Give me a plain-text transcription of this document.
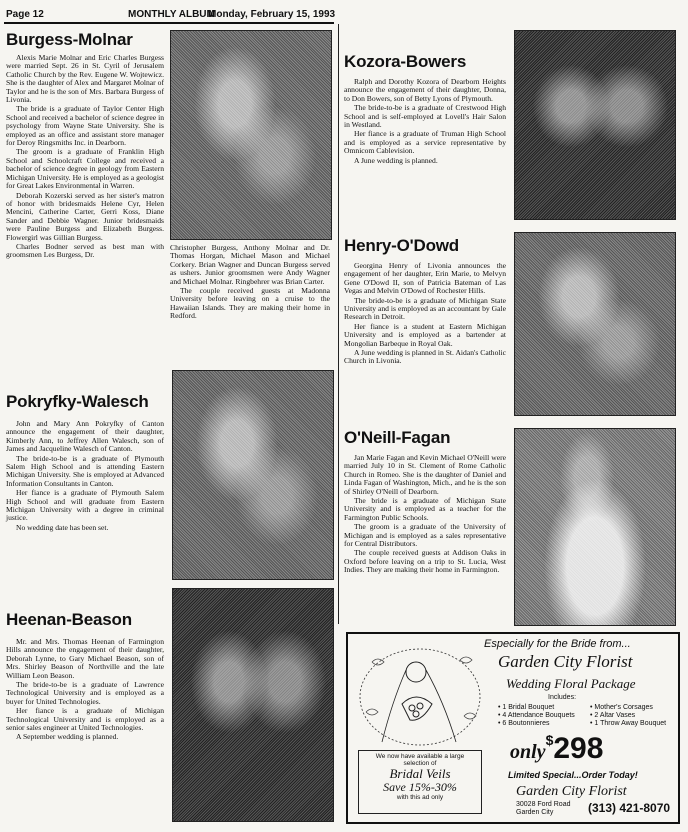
Page 12	MONTHLY ALBUM
Monday, February 15, 1993
Burgess-Molnar

Alexis Marie Molnar and Eric Charles Burgess were married Sept. 26 in St. Cyril of Jerusalem Catholic Church by the Rev. Eugene W. Wojtewicz. She is the daughter of Alex and Margaret Molnar of Taylor and he is the son of Mrs. Barbara Burgess of Livonia.

The bride is a graduate of Taylor Center High School and received a bachelor of science degree in psychology from Wayne State University. She is employed as an office and assistant store manager for Deroy Ringsmiths Inc. in Dearborn.

The groom is a graduate of Franklin High School and Schoolcraft College and received a bachelor of science degree in geology from Eastern Michigan University. He is employed as a geologist for Great Lakes Environmental in Warren.

Deborah Kozerski served as her sister's matron of honor with bridesmaids Helene Cyr, Helen Mencini, Catherine Carter, Gerri Koss, Diane Sander and Debbie Wagner. Junior bridesmaids were Pauline Burgess and Elizabeth Burgess. Flowergirl was Gillian Burgess.

Charles Bodner served as best man with groomsmen Les Burgess, Dr.

Christopher Burgess, Anthony Molnar and Dr. Thomas Horgan, Michael Mason and Michael Corkery. Brian Wagner and Duncan Burgess served as ushers. Junior groomsmen were Andy Wagner and Michael Molnar. Ringbehrer was Brian Carter.

The couple received guests at Madonna University before leaving on a cruise to the Hawaiian Islands. They are making their home in Redford.

Kozora-Bowers

Ralph and Dorothy Kozora of Dearborn Heights announce the engagement of their daughter, Donna, to Don Bowers, son of Betty Lyons of Plymouth.

The bride-to-be is a graduate of Crestwood High School and is self-employed at Lovell's Hair Salon in Westland.

Her fiance is a graduate of Truman High School and is employed as a service representative by Omnicom Cablevision.

A June wedding is planned.

Henry-O'Dowd

Georgina Henry of Livonia announces the engagement of her daughter, Erin Marie, to Melvyn Gene O'Dowd II, son of Patricia Bateman of Las Vegas and Melvin O'Dowd of Rochester Hills.

The bride-to-be is a graduate of Michigan State University and is employed as an accountant by Gale Research in Detroit.

Her fiance is a student at Eastern Michigan University and is employed as a bartender at Mongolian Barbeque in Royal Oak.

A June wedding is planned in St. Aidan's Catholic Church in Livonia.

Pokryfky-Walesch

John and Mary Ann Pokryfky of Canton announce the engagement of their daughter, Kimberly Ann, to Jeffrey Allen Walesch, son of James and Jacqueline Walesch of Canton.

The bride-to-be is a graduate of Plymouth Salem High School and is attending Eastern Michigan University. She is employed at Advanced Information Consultants in Canton.

Her fiance is a graduate of Plymouth Salem High School and will graduate from Eastern Michigan University with a degree in criminal justice.

No wedding date has been set.

O'Neill-Fagan

Jan Marie Fagan and Kevin Michael O'Neill were married July 10 in St. Clement of Rome Catholic Church in Romeo. She is the daughter of Daniel and Linda Fagan of Washington, Mich., and he is the son of Shirley O'Neill of Dearborn.

The bride is a graduate of Michigan State University and is employed as a teacher for the Farmington Public Schools.

The groom is a graduate of the University of Michigan and is employed as a sales representative for Central Distributors.

The couple received guests at Addison Oaks in Oxford before leaving on a trip to St. Lucia, West Indies. They are making their home in Farmington.

Heenan-Beason

Mr. and Mrs. Thomas Heenan of Farmington Hills announce the engagement of their daughter, Deborah Lynne, to Gary Michael Beason, son of Mrs. Shirley Beason of Northville and the late William Leon Beason.

The bride-to-be is a graduate of Lawrence Technological University and is employed as a buyer for United Technologies.

Her fiance is a graduate of Michigan Technological University and is employed as a senior sales engineer at United Technologies.

A September wedding is planned.

Especially for the Bride from...
Garden City Florist
Wedding Floral Package
Includes:
• 1 Bridal Bouquet
• 4 Attendance Bouquets
• 6 Boutonnieres
• Mother's Corsages
• 2 Altar Vases
• 1 Throw Away Bouquet
only$298
Limited Special...Order Today!
Garden City Florist
30028 Ford Road
Garden City	(313) 421-8070
We now have available a large selection of
Bridal Veils
Save 15%-30%
with this ad only
